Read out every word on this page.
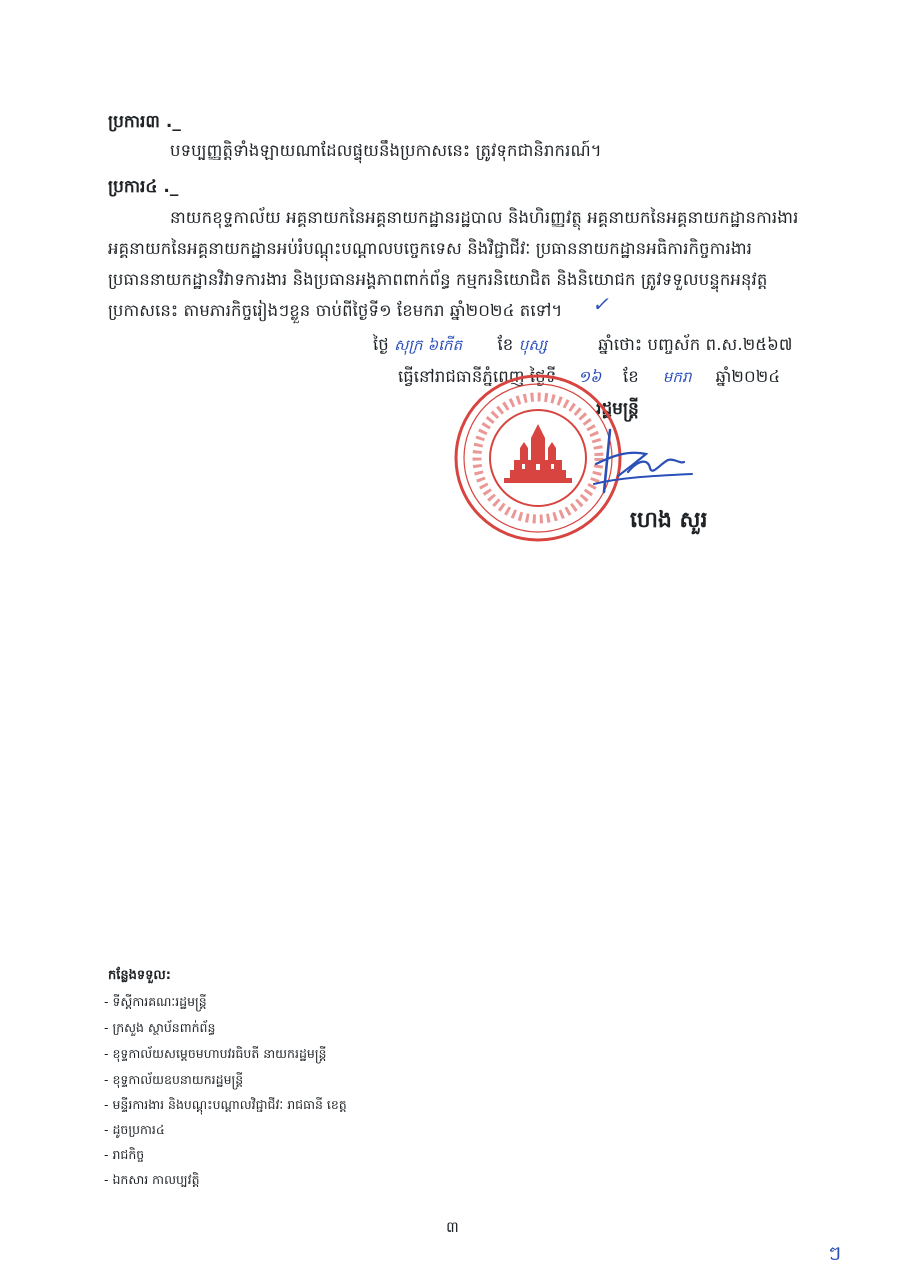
ប្រការ៣ ._
បទប្បញ្ញត្តិទាំងឡាយណាដែលផ្ទុយនឹងប្រកាសនេះ ត្រូវទុកជានិរាករណ៍។
ប្រការ៤ ._
នាយកខុទ្ទកាល័យ អគ្គនាយកនៃអគ្គនាយកដ្ឋានរដ្ឋបាល និងហិរញ្ញវត្ថុ អគ្គនាយកនៃអគ្គនាយកដ្ឋានការងារ
អគ្គនាយកនៃអគ្គនាយកដ្ឋានអប់រំបណ្តុះបណ្តាលបច្ចេកទេស និងវិជ្ជាជីវៈ ប្រធាននាយកដ្ឋានអធិការកិច្ចការងារ
ប្រធាននាយកដ្ឋានវិវាទការងារ និងប្រធានអង្គភាពពាក់ព័ន្ធ កម្មករនិយោជិត និងនិយោជក ត្រូវទទួលបន្ទុកអនុវត្ត
ប្រកាសនេះ តាមភារកិច្ចរៀងៗខ្លួន ចាប់ពីថ្ងៃទី១ ខែមករា ឆ្នាំ២០២៤ តទៅ។ ✓
ថ្ងៃ សុក្រ ៦កើត ខែ បុស្ស	ឆ្នាំថោះ បញ្ចស័ក ព.ស.២៥៦៧
ធ្វើនៅរាជធានីភ្នំពេញ ថ្ងៃទី ១៦ ខែ មករា ឆ្នាំ២០២៤
រដ្ឋមន្ត្រី
ហេង សួរ
កន្លែងទទួល:
- ទីស្តីការគណៈរដ្ឋមន្ត្រី
- ក្រសួង ស្ថាប័នពាក់ព័ន្ធ
- ខុទ្ទកាល័យសម្តេចមហាបវរធិបតី នាយករដ្ឋមន្ត្រី
- ខុទ្ទកាល័យឧបនាយករដ្ឋមន្ត្រី
- មន្ទីរការងារ និងបណ្តុះបណ្តាលវិជ្ជាជីវៈ រាជធានី ខេត្ត
- ដូចប្រការ៤
- រាជកិច្ច
- ឯកសារ កាលប្បវត្តិ
៣
ៗ
